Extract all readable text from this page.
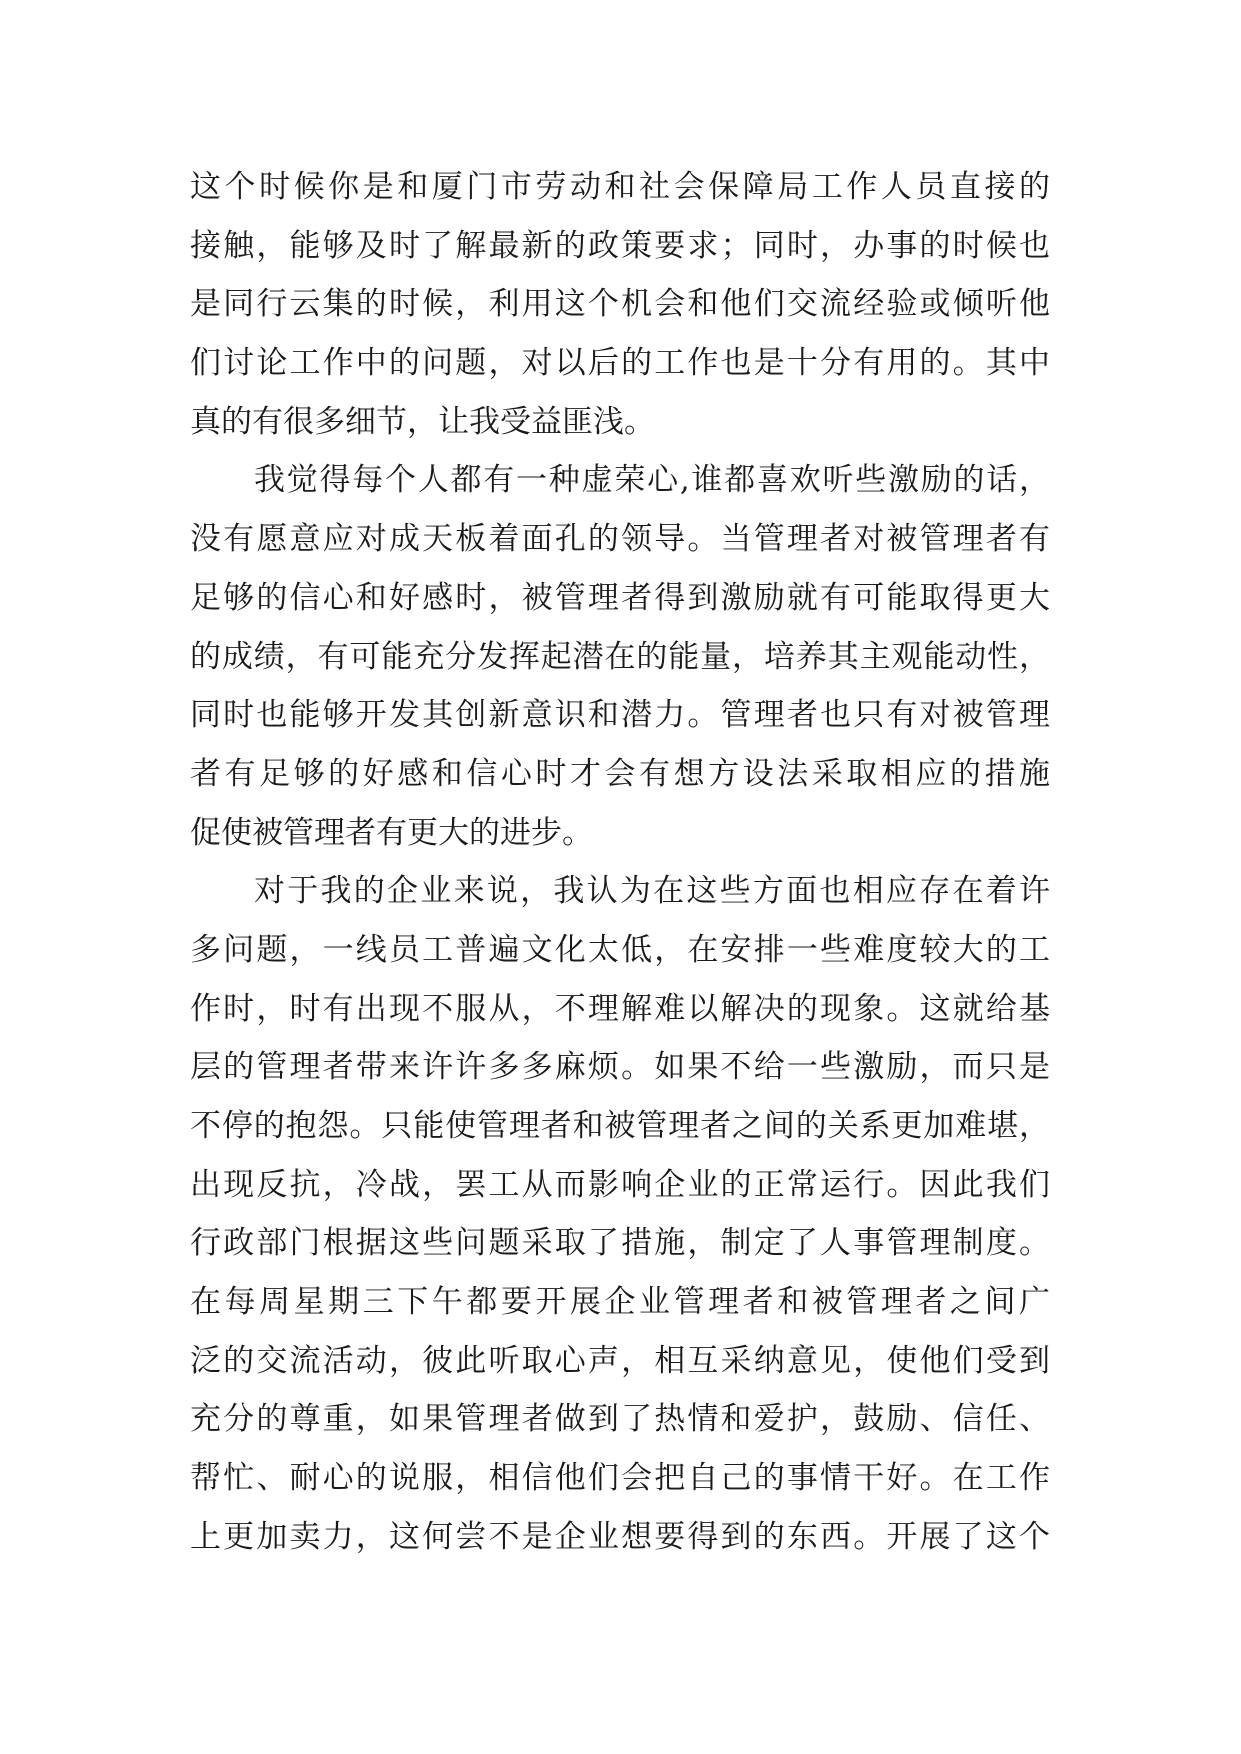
这个时候你是和厦门市劳动和社会保障局工作人员直接的
接触，能够及时了解最新的政策要求；同时，办事的时候也
是同行云集的时候，利用这个机会和他们交流经验或倾听他
们讨论工作中的问题，对以后的工作也是十分有用的。其中
真的有很多细节，让我受益匪浅。
我觉得每个人都有一种虚荣心,谁都喜欢听些激励的话，
没有愿意应对成天板着面孔的领导。当管理者对被管理者有
足够的信心和好感时，被管理者得到激励就有可能取得更大
的成绩，有可能充分发挥起潜在的能量，培养其主观能动性，
同时也能够开发其创新意识和潜力。管理者也只有对被管理
者有足够的好感和信心时才会有想方设法采取相应的措施
促使被管理者有更大的进步。
对于我的企业来说，我认为在这些方面也相应存在着许
多问题，一线员工普遍文化太低，在安排一些难度较大的工
作时，时有出现不服从，不理解难以解决的现象。这就给基
层的管理者带来许许多多麻烦。如果不给一些激励，而只是
不停的抱怨。只能使管理者和被管理者之间的关系更加难堪，
出现反抗，冷战，罢工从而影响企业的正常运行。因此我们
行政部门根据这些问题采取了措施，制定了人事管理制度。
在每周星期三下午都要开展企业管理者和被管理者之间广
泛的交流活动，彼此听取心声，相互采纳意见，使他们受到
充分的尊重，如果管理者做到了热情和爱护，鼓励、信任、
帮忙、耐心的说服，相信他们会把自己的事情干好。在工作
上更加卖力，这何尝不是企业想要得到的东西。开展了这个
